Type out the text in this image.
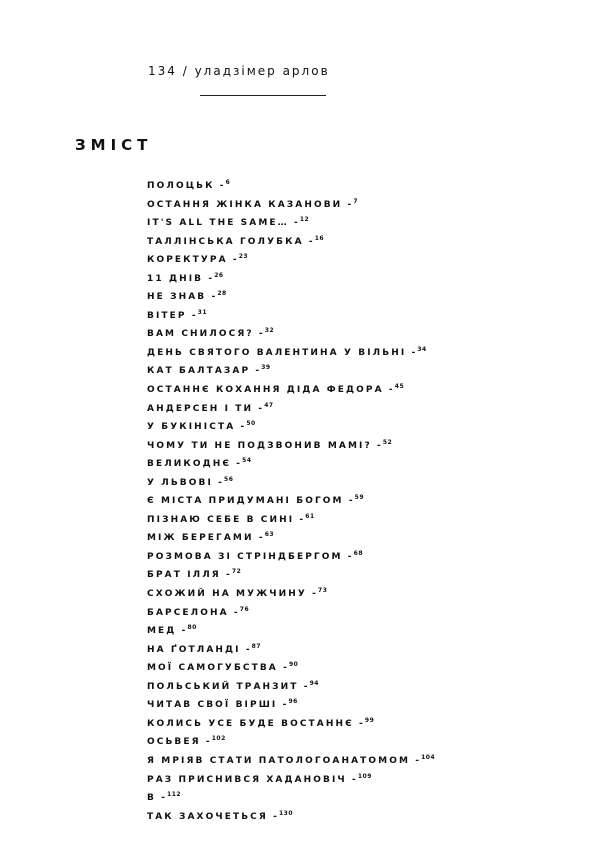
134 / уладзімер арлов
ЗМІСТ
ПОЛОЦЬК -$^6$
ОСТАННЯ ЖІНКА КАЗАНОВИ -$^7$
IT'S ALL THE SAME… -$^{12}$
ТАЛЛІНСЬКА ГОЛУБКА -$^{16}$
КОРЕКТУРА -$^{23}$
11 ДНІВ -$^{26}$
НЕ ЗНАВ -$^{28}$
ВІТЕР -$^{31}$
ВАМ СНИЛОСЯ? -$^{32}$
ДЕНЬ СВЯТОГО ВАЛЕНТИНА У ВІЛЬНІ -$^{34}$
КАТ БАЛТАЗАР -$^{39}$
ОСТАННЄ КОХАННЯ ДІДА ФЕДОРА -$^{45}$
АНДЕРСЕН І ТИ -$^{47}$
У БУКІНІСТА -$^{50}$
ЧОМУ ТИ НЕ ПОДЗВОНИВ МАМІ? -$^{52}$
ВЕЛИКОДНЄ -$^{54}$
У ЛЬВОВІ -$^{56}$
Є МІСТА ПРИДУМАНІ БОГОМ -$^{59}$
ПІЗНАЮ СЕБЕ В СИНІ -$^{61}$
МІЖ БЕРЕГАМИ -$^{63}$
РОЗМОВА ЗІ СТРІНДБЕРГОМ -$^{68}$
БРАТ ІЛЛЯ -$^{72}$
СХОЖИЙ НА МУЖЧИНУ -$^{73}$
БАРСЕЛОНА -$^{76}$
МЕД -$^{80}$
НА ҐОТЛАНДІ -$^{87}$
МОЇ САМОГУБСТВА -$^{90}$
ПОЛЬСЬКИЙ ТРАНЗИТ -$^{94}$
ЧИТАВ СВОЇ ВІРШІ -$^{96}$
КОЛИСЬ УСЕ БУДЕ ВОСТАННЄ -$^{99}$
ОСЬВЕЯ -$^{102}$
Я МРІЯВ СТАТИ ПАТОЛОГОАНАТОМОМ -$^{104}$
РАЗ ПРИСНИВСЯ ХАДАНОВІЧ -$^{109}$
В -$^{112}$
ТАК ЗАХОЧЕТЬСЯ -$^{130}$
